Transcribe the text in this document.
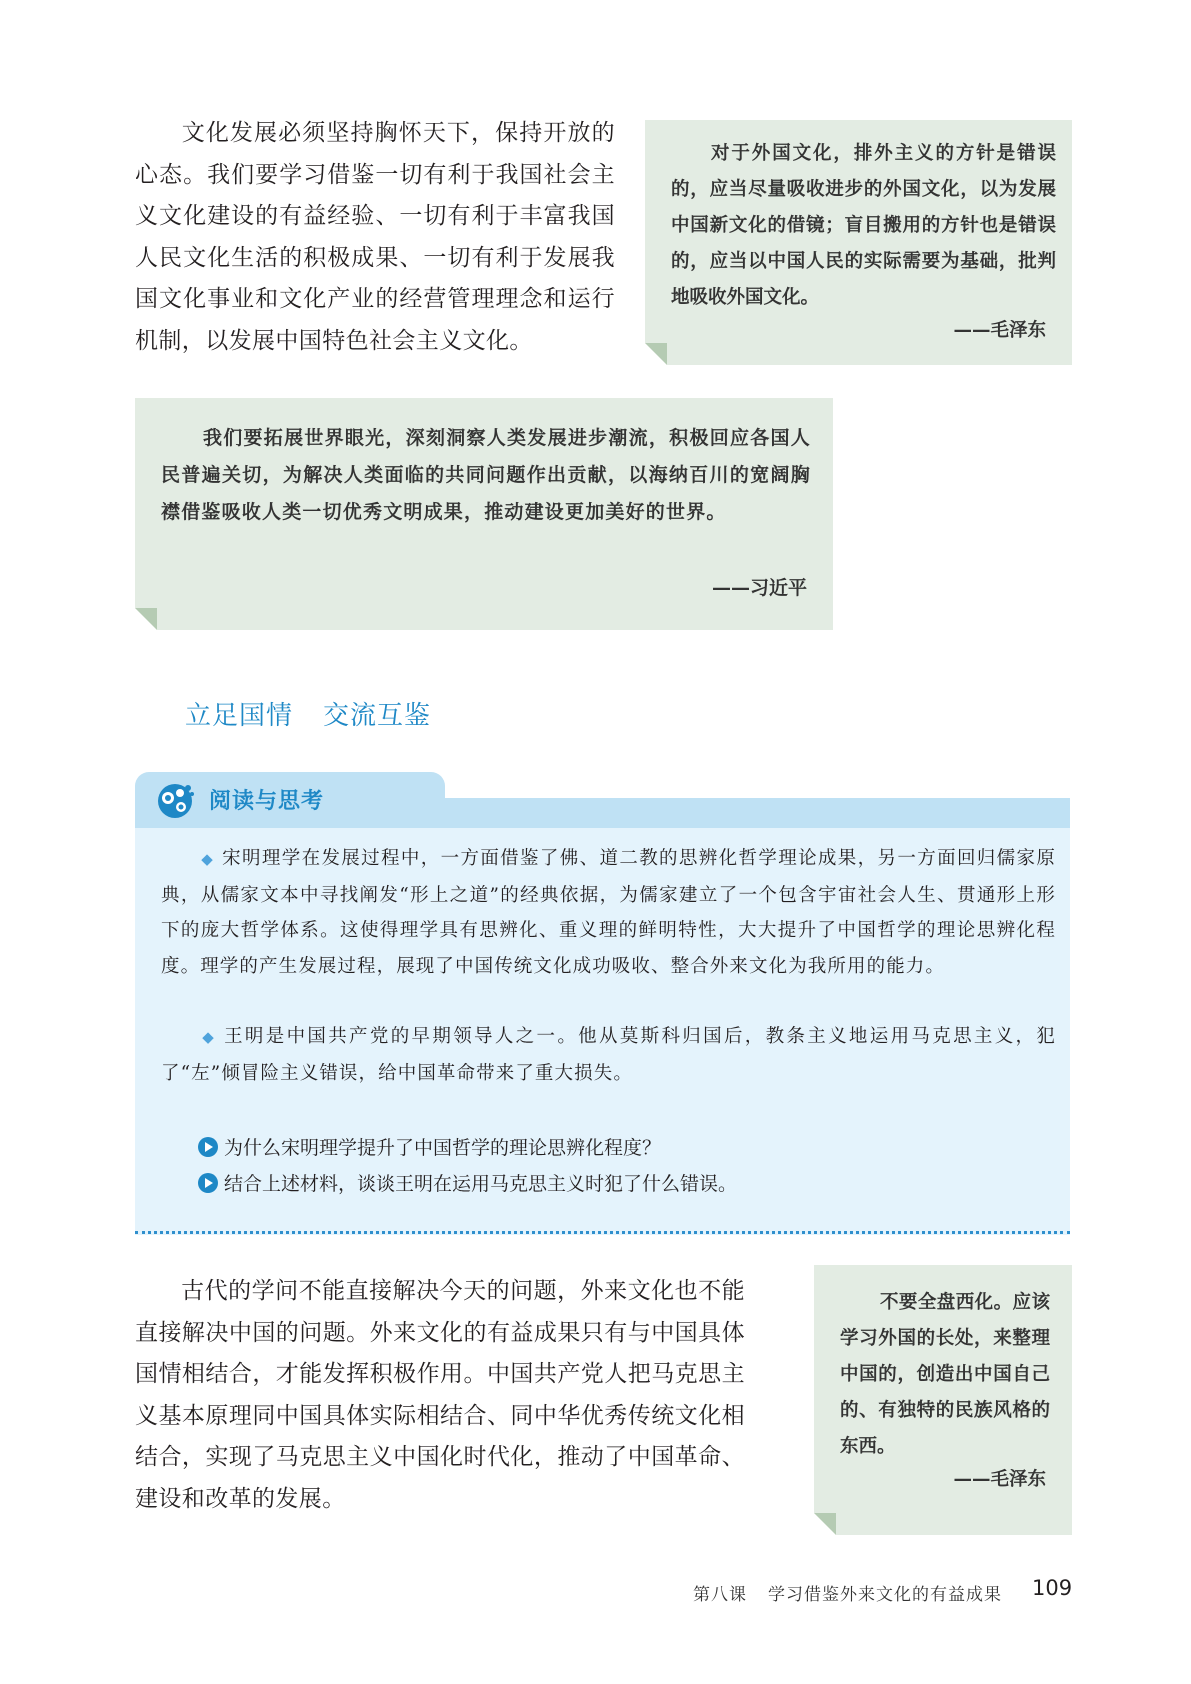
文化发展必须坚持胸怀天下，保持开放的心态。我们要学习借鉴一切有利于我国社会主义文化建设的有益经验、一切有利于丰富我国人民文化生活的积极成果、一切有利于发展我国文化事业和文化产业的经营管理理念和运行机制，以发展中国特色社会主义文化。

对于外国文化，排外主义的方针是错误的，应当尽量吸收进步的外国文化，以为发展中国新文化的借镜；盲目搬用的方针也是错误的，应当以中国人民的实际需要为基础，批判地吸收外国文化。

——毛泽东

我们要拓展世界眼光，深刻洞察人类发展进步潮流，积极回应各国人民普遍关切，为解决人类面临的共同问题作出贡献，以海纳百川的宽阔胸襟借鉴吸收人类一切优秀文明成果，推动建设更加美好的世界。

——习近平
立足国情 交流互鉴
阅读与思考

◆ 宋明理学在发展过程中，一方面借鉴了佛、道二教的思辨化哲学理论成果，另一方面回归儒家原典，从儒家文本中寻找阐发“形上之道”的经典依据，为儒家建立了一个包含宇宙社会人生、贯通形上形下的庞大哲学体系。这使得理学具有思辨化、重义理的鲜明特性，大大提升了中国哲学的理论思辨化程度。理学的产生发展过程，展现了中国传统文化成功吸收、整合外来文化为我所用的能力。

◆ 王明是中国共产党的早期领导人之一。他从莫斯科归国后，教条主义地运用马克思主义，犯了“左”倾冒险主义错误，给中国革命带来了重大损失。

为什么宋明理学提升了中国哲学的理论思辨化程度？
结合上述材料，谈谈王明在运用马克思主义时犯了什么错误。

古代的学问不能直接解决今天的问题，外来文化也不能直接解决中国的问题。外来文化的有益成果只有与中国具体国情相结合，才能发挥积极作用。中国共产党人把马克思主义基本原理同中国具体实际相结合、同中华优秀传统文化相结合，实现了马克思主义中国化时代化，推动了中国革命、建设和改革的发展。

不要全盘西化。应该学习外国的长处，来整理中国的，创造出中国自己的、有独特的民族风格的东西。

——毛泽东
第八课 学习借鉴外来文化的有益成果 109
